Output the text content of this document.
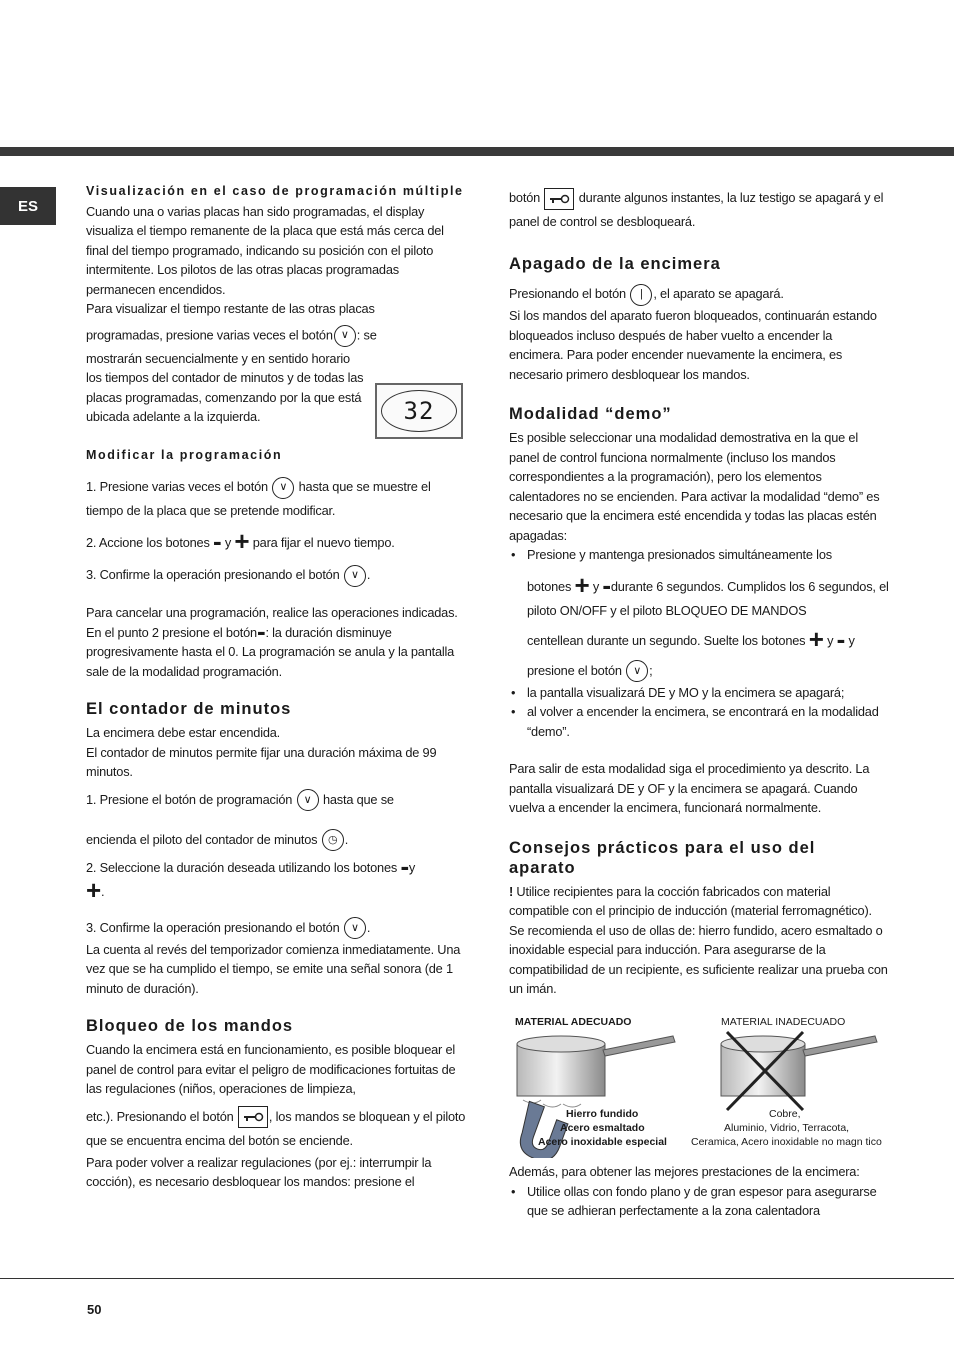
ES
Visualización en el caso de programación múltiple

Cuando una o varias placas han sido programadas, el display visualiza el tiempo remanente de la placa que está más cerca del final del tiempo programado, indicando su posición con el piloto intermitente. Los pilotos de las otras placas programadas permanecen encendidos.

Para visualizar el tiempo restante de las otras placas

programadas, presione varias veces el botón ∨ : se

mostrarán secuencialmente y en sentido horario los tiempos del contador de minutos y de todas las placas programadas, comenzando por la que está ubicada adelante a la izquierda.

Modificar la programación

1. Presione varias veces el botón ∨ hasta que se muestre el tiempo de la placa que se pretende modificar.

2. Accione los botones - y + para fijar el nuevo tiempo.

3. Confirme la operación presionando el botón ∨ .

Para cancelar una programación, realice las operaciones indicadas. En el punto 2 presione el botón-: la duración disminuye progresivamente hasta el 0. La programación se anula y la pantalla sale de la modalidad programación.

El contador de minutos

La encimera debe estar encendida.

El contador de minutos permite fijar una duración máxima de 99 minutos.

1. Presione el botón de programación ∨ hasta que se

encienda el piloto del contador de minutos ◷ .

2. Seleccione la duración deseada utilizando los botones -y
+.

3. Confirme la operación presionando el botón ∨ .

La cuenta al revés del temporizador comienza inmediatamente. Una vez que se ha cumplido el tiempo, se emite una señal sonora (de 1 minuto de duración).

Bloqueo de los mandos

Cuando la encimera está en funcionamiento, es posible bloquear el panel de control para evitar el peligro de modificaciones fortuitas de las regulaciones (niños, operaciones de limpieza,

etc.). Presionando el botón	, los mandos se bloquean y el piloto que se encuentra encima del botón se enciende.

Para poder volver a realizar regulaciones (por ej.: interrumpir la cocción), es necesario desbloquear los mandos: presione el

32

botón	durante algunos instantes, la luz testigo se apagará y el panel de control se desbloqueará.

Apagado de la encimera

Presionando el botón | , el aparato se apagará.

Si los mandos del aparato fueron bloqueados, continuarán estando bloqueados incluso después de haber vuelto a encender la encimera. Para poder encender nuevamente la encimera, es necesario primero desbloquear los mandos.

Modalidad “demo”

Es posible seleccionar una modalidad demostrativa en la que el panel de control funciona normalmente (incluso los mandos correspondientes a la programación), pero los elementos calentadores no se encienden. Para activar la modalidad “demo” es necesario que la encimera esté encendida y todas las placas estén apagadas:

• Presione y mantenga presionados simultáneamente los
botones + y -durante 6 segundos. Cumplidos los 6 segundos, el piloto ON/OFF y el piloto BLOQUEO DE MANDOS
centellean durante un segundo. Suelte los botones + y - y
presione el botón ∨ ;
• la pantalla visualizará DE y MO y la encimera se apagará;
• al volver a encender la encimera, se encontrará en la modalidad “demo”.

Para salir de esta modalidad siga el procedimiento ya descrito. La pantalla visualizará DE y OF y la encimera se apagará. Cuando vuelva a encender la encimera, funcionará normalmente.

Consejos prácticos para el uso del aparato

! Utilice recipientes para la cocción fabricados con material compatible con el principio de inducción (material ferromagnético). Se recomienda el uso de ollas de: hierro fundido, acero esmaltado o inoxidable especial para inducción. Para asegurarse de la compatibilidad de un recipiente, es suficiente realizar una prueba con un imán.

MATERIAL ADECUADO	MATERIAL INADECUADO
Hierro fundido
Acero esmaltado
Acero inoxidable especial
Cobre,
Aluminio, Vidrio, Terracota,
Ceramica, Acero inoxidable no magn tico

Además, para obtener las mejores prestaciones de la encimera:

• Utilice ollas con fondo plano y de gran espesor para asegurarse que se adhieran perfectamente a la zona calentadora
50
